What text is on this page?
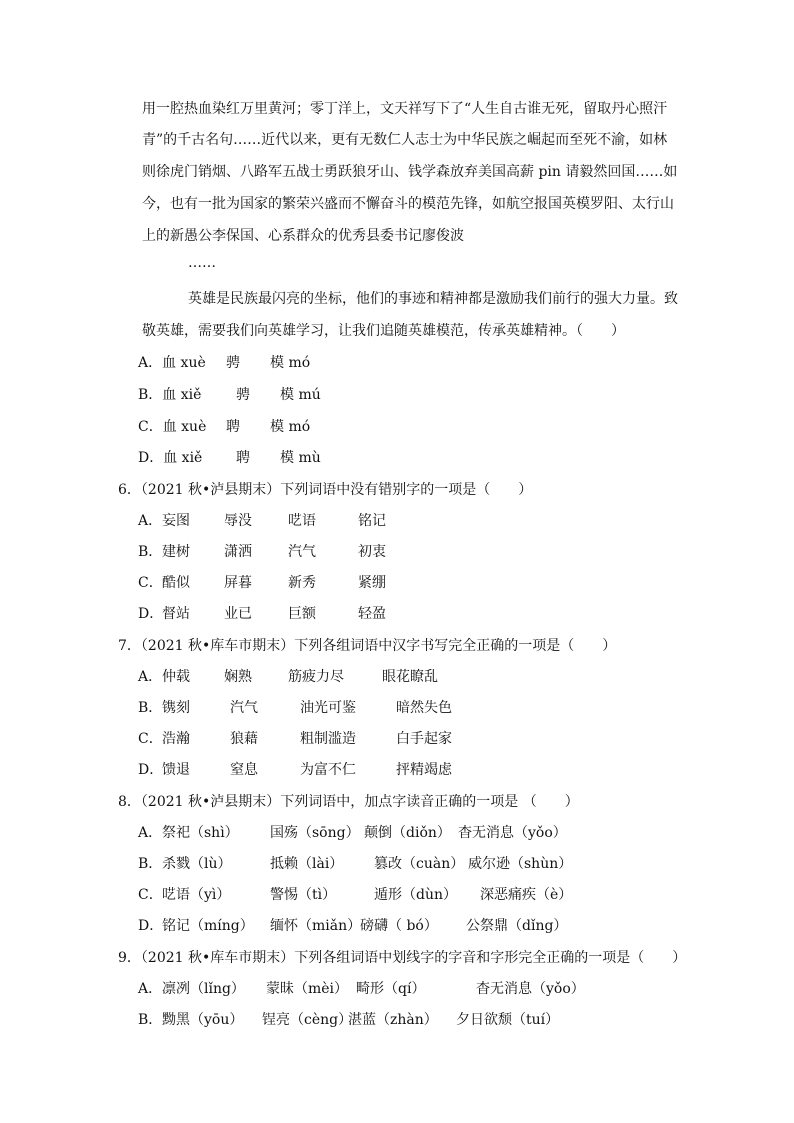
用一腔热血染红万里黄河；零丁洋上，文天祥写下了“人生自古谁无死，留取丹心照汗
青”的千古名句……近代以来，更有无数仁人志士为中华民族之崛起而至死不渝，如林
则徐虎门销烟、八路军五战士勇跃狼牙山、钱学森放弃美国高薪 pin 请毅然回国……如
今，也有一批为国家的繁荣兴盛而不懈奋斗的模范先锋，如航空报国英模罗阳、太行山
上的新愚公李保国、心系群众的优秀县委书记廖俊波
……
英雄是民族最闪亮的坐标，他们的事迹和精神都是激励我们前行的强大力量。致
敬英雄，需要我们向英雄学习，让我们追随英雄模范，传承英雄精神。（　　）
A．血 xuè 骋 模 mó
B．血 xiě 骋 模 mú
C．血 xuè 聘 模 mó
D．血 xiě 聘 模 mù
6．（2021 秋•泸县期末）下列词语中没有错别字的一项是（　　）
A．妄图 辱没	呓语	铭记
B．建树 潇洒	汽气	初衷
C．酷似 屏暮	新秀	紧绷
D．督站 业已	巨额	轻盈
7．（2021 秋•库车市期末）下列各组词语中汉字书写完全正确的一项是（　　）
A．仲载 娴熟	筋疲力尽	眼花瞭乱
B．镌刻	汽气	油光可鉴	暗然失色
C．浩瀚	狼藉	粗制滥造	白手起家
D．馈退	窒息	为富不仁	抨精竭虑
8．（2021 秋•泸县期末）下列词语中，加点字读音正确的一项是 （　　）
A．祭祀（shì） 国殇（sōng） 颠倒（diǒn） 杳无消息（yǒo）
B．杀戮（lù）	抵赖（lài） 篡改（cuàn） 威尔逊（shùn）
C．呓语（yì）	警惕（tì）	遁形（dùn） 深恶痛疾（è）
D．铭记（míng） 缅怀（miǎn）磅礴（ bó） 公祭鼎（dǐng）
9．（2021 秋•库车市期末）下列各组词语中划线字的字音和字形完全正确的一项是（　　）
A．凛冽（lǐng） 蒙昧（mèi） 畸形（qí）	杳无消息（yǒo）
B．黝黑（yōu） 锃亮（cèng）湛蓝（zhàn） 夕日欲颓（tuí）
